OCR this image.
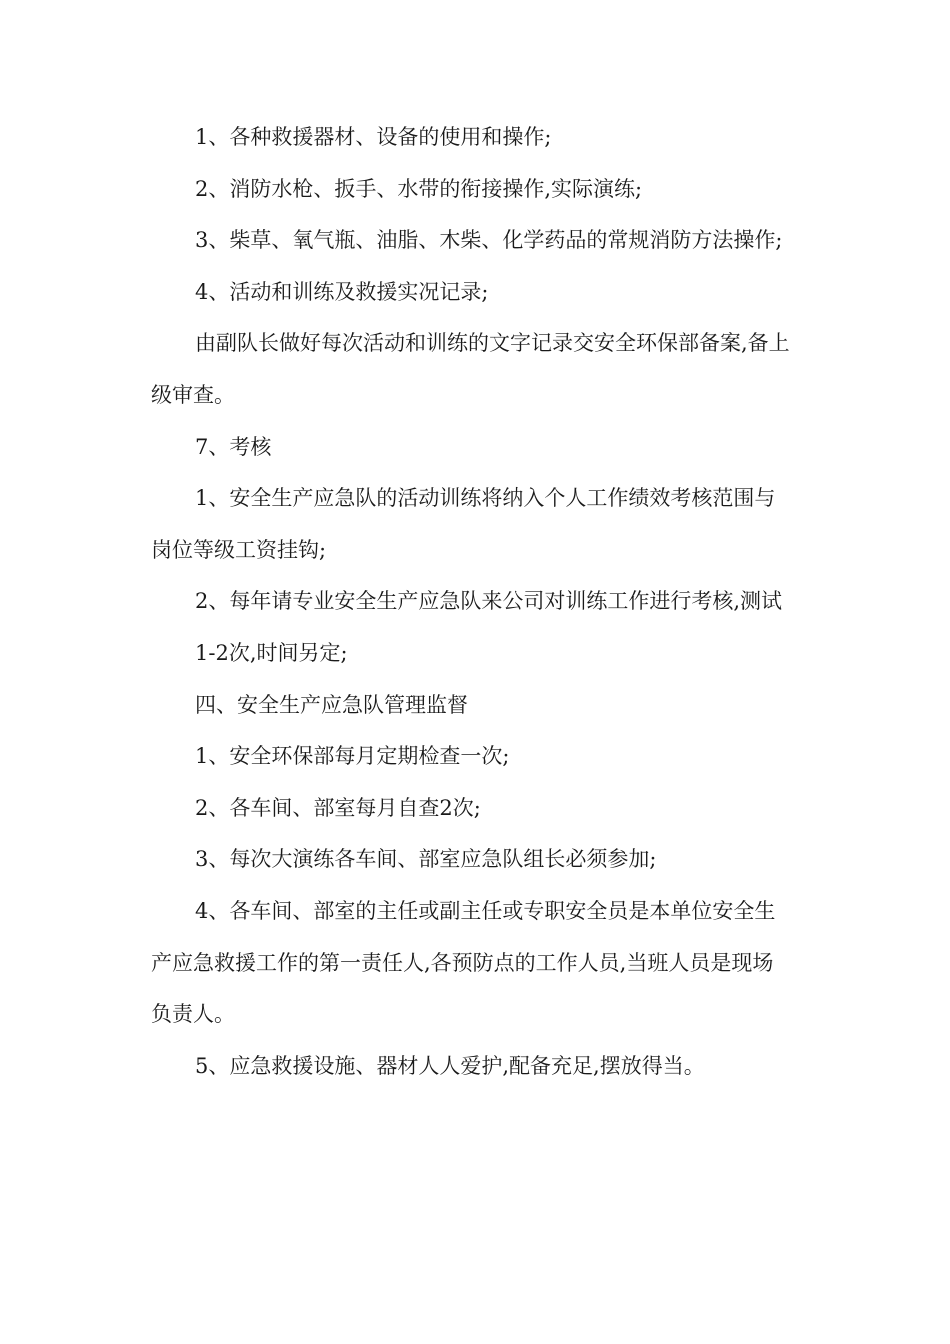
1、各种救援器材、设备的使用和操作;

2、消防水枪、扳手、水带的衔接操作,实际演练;

3、柴草、氧气瓶、油脂、木柴、化学药品的常规消防方法操作;

4、活动和训练及救援实况记录;

由副队长做好每次活动和训练的文字记录交安全环保部备案,备上级审查。

7、考核

1、安全生产应急队的活动训练将纳入个人工作绩效考核范围与岗位等级工资挂钩;

2、每年请专业安全生产应急队来公司对训练工作进行考核,测试

1-2次,时间另定;

四、安全生产应急队管理监督

1、安全环保部每月定期检查一次;

2、各车间、部室每月自查2次;

3、每次大演练各车间、部室应急队组长必须参加;

4、各车间、部室的主任或副主任或专职安全员是本单位安全生产应急救援工作的第一责任人,各预防点的工作人员,当班人员是现场负责人。

5、应急救援设施、器材人人爱护,配备充足,摆放得当。
